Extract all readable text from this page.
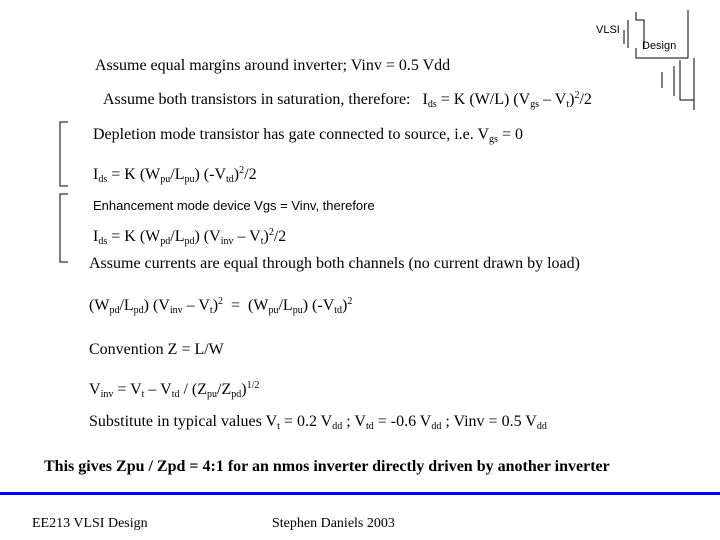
VLSI
Design
Assume equal margins around inverter; Vinv = 0.5 Vdd
Assume both transistors in saturation, therefore: $I_{ds} = K$ (W/L) $(V_{gs} - V_t)^2/2$
Depletion mode transistor has gate connected to source, i.e. $V_{gs} = 0$
$I_{ds} = K$ $(W_{pu}/L_{pu})$ $(-V_{td})^2/2$
Enhancement mode device Vgs = Vinv, therefore
$I_{ds} = K$ $(W_{pd}/L_{pd})$ $(V_{inv} - V_t)^2/2$
Assume currents are equal through both channels (no current drawn by load)
$(W_{pd}/L_{pd})$ $(V_{inv} - V_t)^2 = (W_{pu}/L_{pu})$ $(-V_{td})^2$
Convention Z = L/W
$V_{inv} = V_t - V_{td} / (Z_{pu}/Z_{pd})^{1/2}$
Substitute in typical values $V_t = 0.2$ $V_{dd}$ ; $V_{td} = -0.6$ $V_{dd}$ ; Vinv = 0.5 $V_{dd}$
This gives Zpu / Zpd = 4:1 for an nmos inverter directly driven by another inverter
EE213 VLSI Design	Stephen Daniels 2003
